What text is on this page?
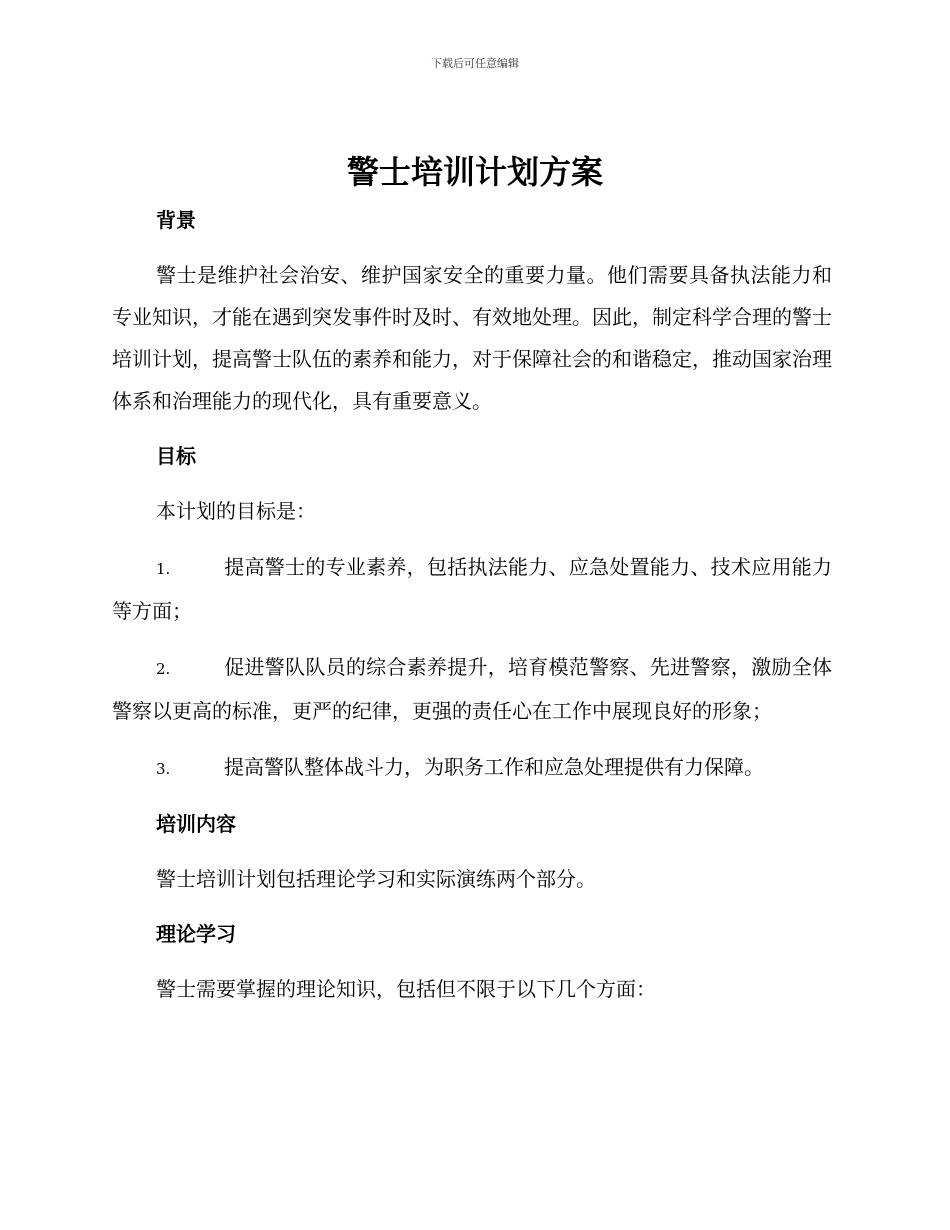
下载后可任意编辑
警士培训计划方案
背景

警士是维护社会治安、维护国家安全的重要力量。他们需要具备执法能力和专业知识，才能在遇到突发事件时及时、有效地处理。因此，制定科学合理的警士培训计划，提高警士队伍的素养和能力，对于保障社会的和谐稳定，推动国家治理体系和治理能力的现代化，具有重要意义。

目标

本计划的目标是：

1.	提高警士的专业素养，包括执法能力、应急处置能力、技术应用能力等方面；

2.	促进警队队员的综合素养提升，培育模范警察、先进警察，激励全体警察以更高的标准，更严的纪律，更强的责任心在工作中展现良好的形象；

3.	提高警队整体战斗力，为职务工作和应急处理提供有力保障。

培训内容

警士培训计划包括理论学习和实际演练两个部分。

理论学习

警士需要掌握的理论知识，包括但不限于以下几个方面：
